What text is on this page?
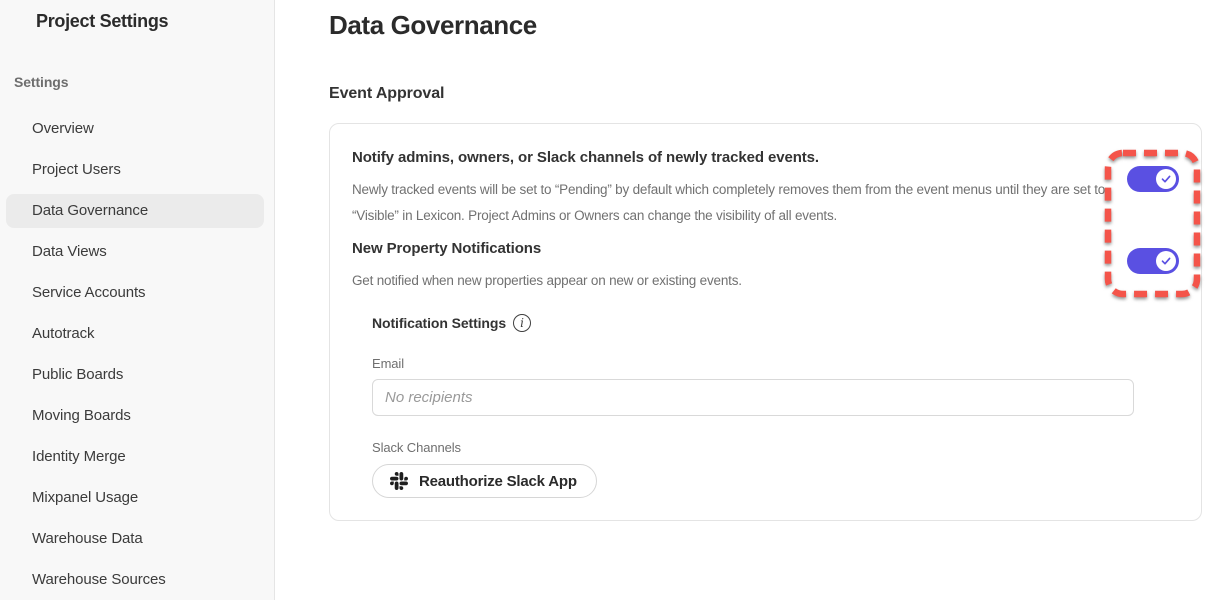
Project Settings
Settings
Overview
Project Users
Data Governance
Data Views
Service Accounts
Autotrack
Public Boards
Moving Boards
Identity Merge
Mixpanel Usage
Warehouse Data
Warehouse Sources
Data Governance
Event Approval
Notify admins, owners, or Slack channels of newly tracked events.

Newly tracked events will be set to “Pending” by default which completely removes them from the event menus until they are set to “Visible” in Lexicon. Project Admins or Owners can change the visibility of all events.

New Property Notifications

Get notified when new properties appear on new or existing events.

Notification Settings	i
Email
No recipients
Slack Channels
Reauthorize Slack App
